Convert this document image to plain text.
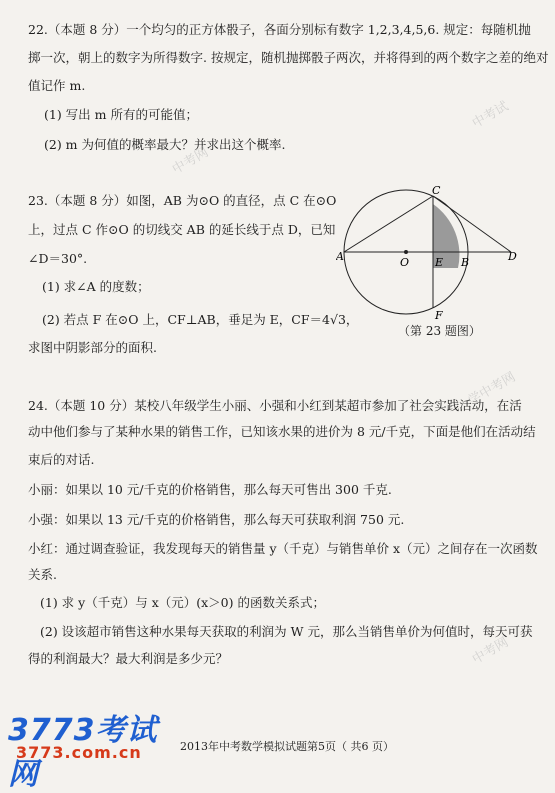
22.（本题 8 分）一个均匀的正方体骰子，各面分别标有数字 1,2,3,4,5,6. 规定：每随机抛
掷一次，朝上的数字为所得数字. 按规定，随机抛掷骰子两次，并将得到的两个数字之差的绝对
值记作 m.
(1) 写出 m 所有的可能值；
(2) m 为何值的概率最大？并求出这个概率.
23.（本题 8 分）如图，AB 为⊙O 的直径，点 C 在⊙O
上，过点 C 作⊙O 的切线交 AB 的延长线于点 D，已知
∠D＝30°.
(1) 求∠A 的度数；
(2) 若点 F 在⊙O 上，CF⊥AB，垂足为 E，CF＝4√3，
求图中阴影部分的面积.
A	O E B	D
C
F
（第 23 题图）
24.（本题 10 分）某校八年级学生小丽、小强和小红到某超市参加了社会实践活动，在活
动中他们参与了某种水果的销售工作，已知该水果的进价为 8 元/千克，下面是他们在活动结
束后的对话.
小丽：如果以 10 元/千克的价格销售，那么每天可售出 300 千克.
小强：如果以 13 元/千克的价格销售，那么每天可获取利润 750 元.
小红：通过调查验证，我发现每天的销售量 y（千克）与销售单价 x（元）之间存在一次函数
关系.
(1) 求 y（千克）与 x（元）(x＞0) 的函数关系式；
(2) 设该超市销售这种水果每天获取的利润为 W 元，那么当销售单价为何值时，每天可获
得的利润最大？最大利润是多少元？
中考试
中考网
学中考网
中考网
3773考试网
3773.com.cn	2013年中考数学模拟试题第5页（ 共6 页）
